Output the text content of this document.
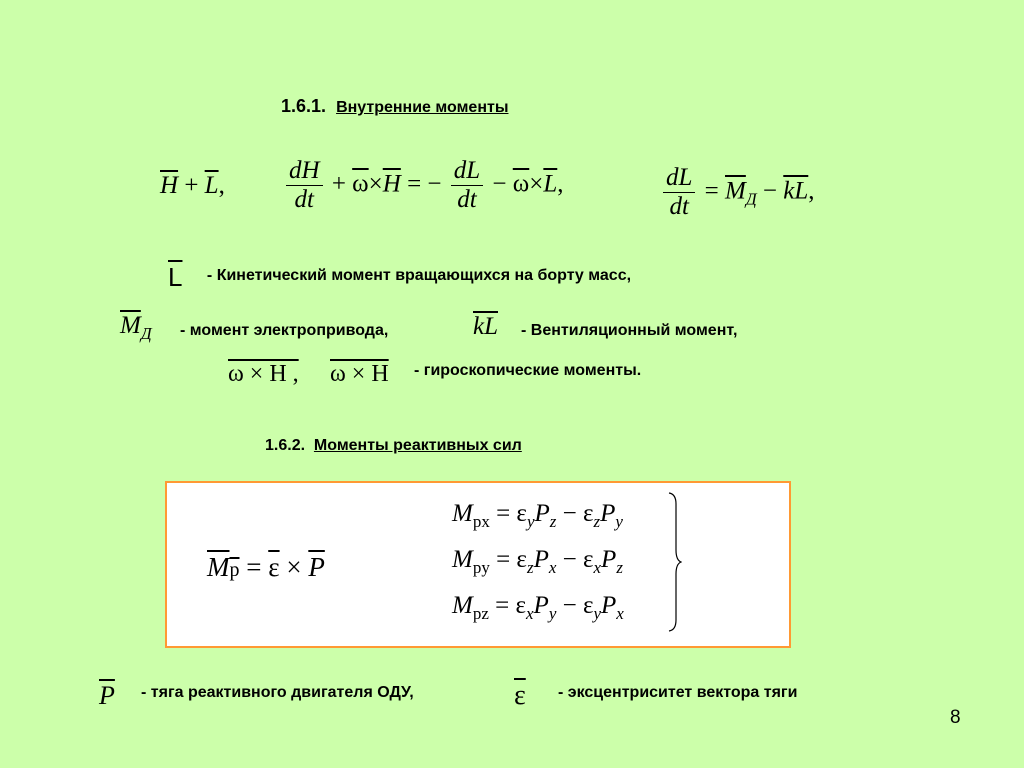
1.6.1. Внутренние моменты
$\overline{H} + \overline{L}$, $\frac{dH}{dt} + \overline{\omega}\times\overline{H}$ = − $\frac{dL}{dt} - \overline{\omega}\times\overline{L}$,	$\frac{dL}{dt} = \overline{M}_Д - \overline{kL}$,
$\overline{L}$ - Кинетический момент вращающихся на борту масс,
$\overline{M}_Д$ - момент электропривода,	$\overline{kL}$ - Вентиляционный момент,
ω × H , ω × H - гироскопические моменты.
1.6.2. Моменты реактивных сил
$\overline{M}р = \overline{\varepsilon} \times \overline{P}$
$M_{рx} = \varepsilon_yP_z - \varepsilon_zP_y$
$M_{рy} = \varepsilon_zP_x - \varepsilon_xP_z$
$M_{рz} = \varepsilon_xP_y - \varepsilon_yP_x$
$\overline{P}$ - тяга реактивного двигателя ОДУ,	$\overline{\varepsilon}$ - эксцентриситет вектора тяги
8
